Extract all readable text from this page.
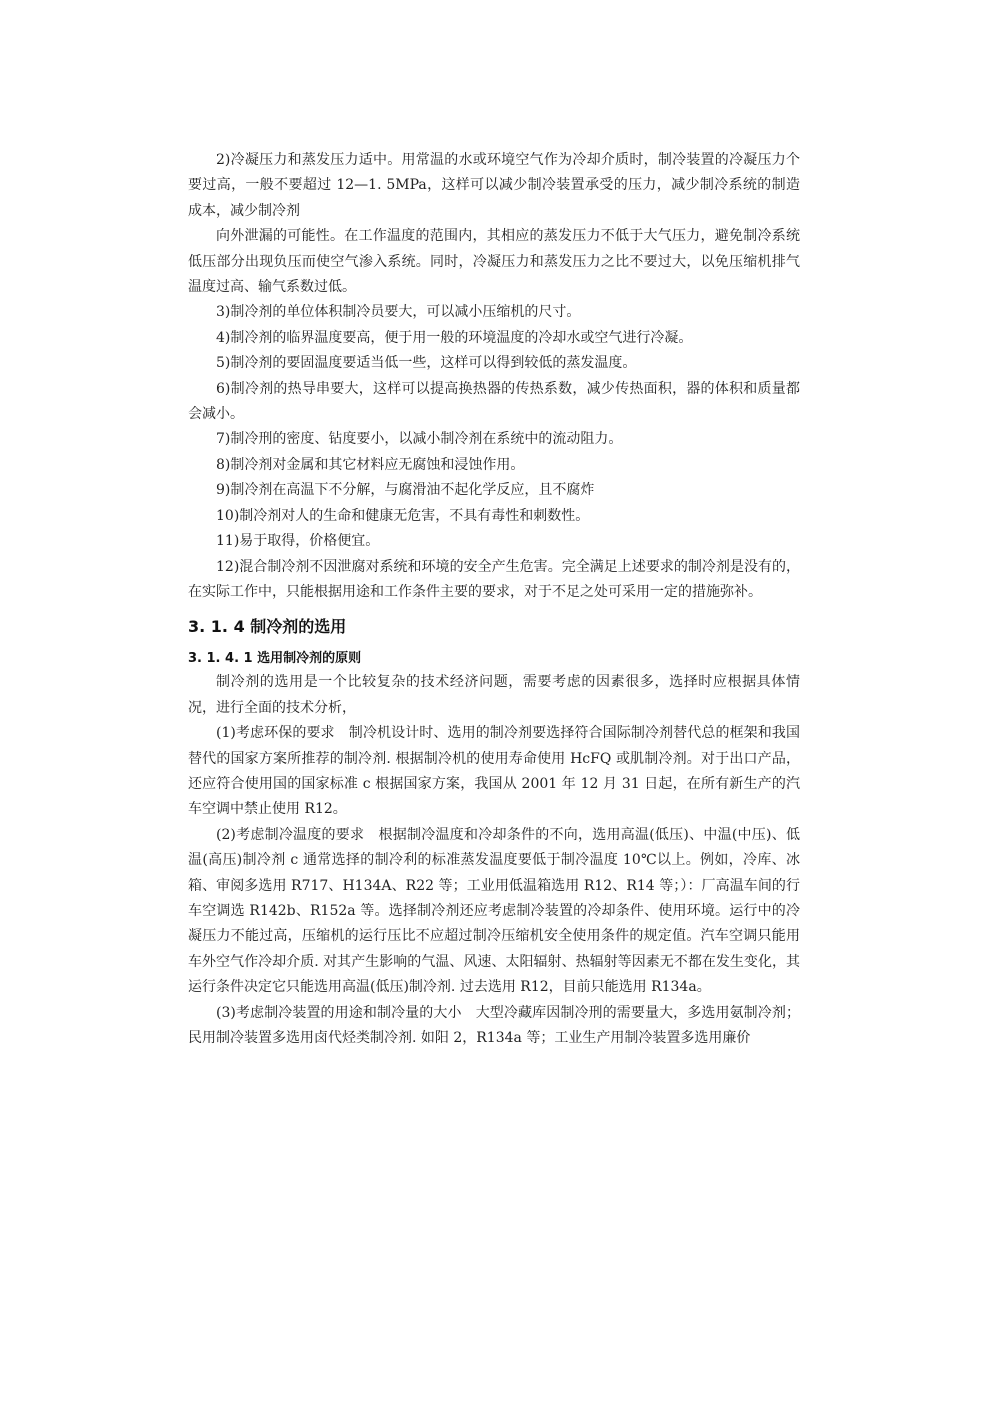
2)冷凝压力和蒸发压力适中。用常温的水或环境空气作为冷却介质时，制冷装置的冷凝压力个要过高，一般不要超过 12—1. 5MPa，这样可以减少制冷装置承受的压力，减少制冷系统的制造成本，减少制冷剂

向外泄漏的可能性。在工作温度的范围内，其相应的蒸发压力不低于大气压力，避免制冷系统低压部分出现负压而使空气渗入系统。同时，冷凝压力和蒸发压力之比不要过大，以免压缩机排气温度过高、输气系数过低。

3)制冷剂的单位体积制冷员要大，可以减小压缩机的尺寸。

4)制冷剂的临界温度要高，便于用一般的环境温度的冷却水或空气进行冷凝。

5)制冷剂的要固温度要适当低一些，这样可以得到较低的蒸发温度。

6)制冷剂的热导串要大，这样可以提高换热器的传热系数，减少传热面积，器的体积和质量都会减小。

7)制冷刑的密度、钻度要小，以减小制冷剂在系统中的流动阻力。

8)制冷剂对金属和其它材料应无腐蚀和浸蚀作用。

9)制冷剂在高温下不分解，与腐滑油不起化学反应，且不腐炸

10)制冷剂对人的生命和健康无危害，不具有毒性和刺数性。

11)易于取得，价格便宜。

12)混合制冷剂不因泄腐对系统和环境的安全产生危害。完全满足上述要求的制冷剂是没有的，在实际工作中，只能根据用途和工作条件主要的要求，对于不足之处可采用一定的措施弥补。

3. 1. 4 制冷剂的选用
3. 1. 4. 1 选用制冷剂的原则

制冷剂的选用是一个比较复杂的技术经济问题，需要考虑的因素很多，选择时应根据具体情况，进行全面的技术分析，

(1)考虑环保的要求　制冷机设计时、选用的制冷剂要选择符合国际制冷剂替代总的框架和我国替代的国家方案所推荐的制冷剂. 根据制冷机的使用寿命使用 HcFQ 或肌制冷剂。对于出口产品，还应符合使用国的国家标准 c 根据国家方案，我国从 2001 年 12 月 31 日起，在所有新生产的汽车空调中禁止使用 R12。

(2)考虑制冷温度的要求　根据制冷温度和冷却条件的不向，选用高温(低压)、中温(中压)、低温(高压)制冷剂 c 通常选择的制冷利的标准蒸发温度要低于制冷温度 10℃以上。例如，冷库、冰箱、审阅多选用 R717、H134A、R22 等；工业用低温箱选用 R12、R14 等；）：厂高温车间的行车空调选 R142b、R152a 等。选择制冷剂还应考虑制冷装置的冷却条件、使用环境。运行中的冷凝压力不能过高，压缩机的运行压比不应超过制冷压缩机安全使用条件的规定值。汽车空调只能用车外空气作冷却介质. 对其产生影响的气温、风速、太阳辐射、热辐射等因素无不都在发生变化，其运行条件决定它只能选用高温(低压)制冷剂. 过去选用 R12，目前只能选用 R134a。

(3)考虑制冷装置的用途和制冷量的大小　大型冷藏库因制冷刑的需要量大，多选用氨制冷剂；民用制冷装置多选用卤代烃类制冷剂. 如阳 2，R134a 等；工业生产用制冷装置多选用廉价
